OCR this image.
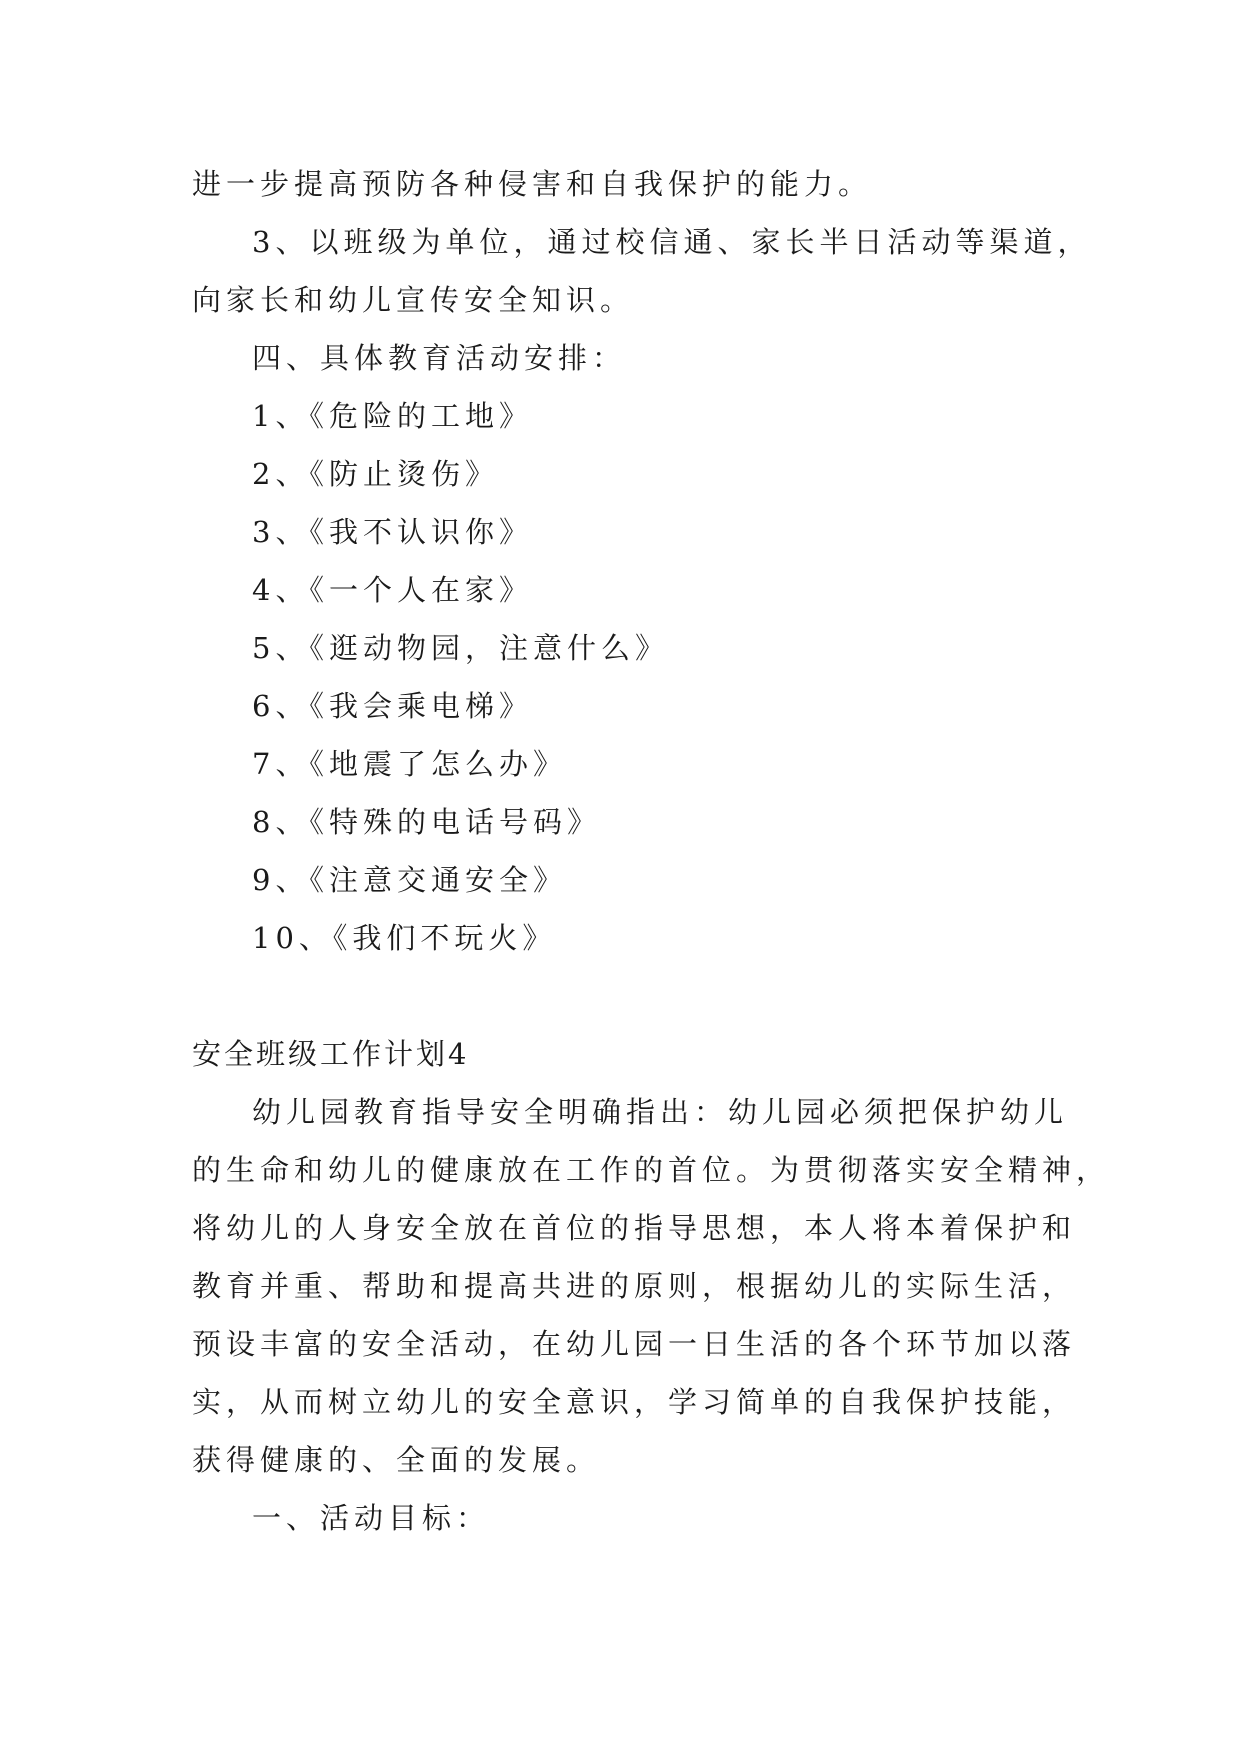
进一步提高预防各种侵害和自我保护的能力。
3、以班级为单位，通过校信通、家长半日活动等渠道，
向家长和幼儿宣传安全知识。
四、具体教育活动安排：
1、《危险的工地》
2、《防止烫伤》
3、《我不认识你》
4、《一个人在家》
5、《逛动物园，注意什么》
6、《我会乘电梯》
7、《地震了怎么办》
8、《特殊的电话号码》
9、《注意交通安全》
10、《我们不玩火》
安全班级工作计划4
幼儿园教育指导安全明确指出：幼儿园必须把保护幼儿
的生命和幼儿的健康放在工作的首位。为贯彻落实安全精神，
将幼儿的人身安全放在首位的指导思想，本人将本着保护和
教育并重、帮助和提高共进的原则，根据幼儿的实际生活，
预设丰富的安全活动，在幼儿园一日生活的各个环节加以落
实，从而树立幼儿的安全意识，学习简单的自我保护技能，
获得健康的、全面的发展。
一、活动目标：
